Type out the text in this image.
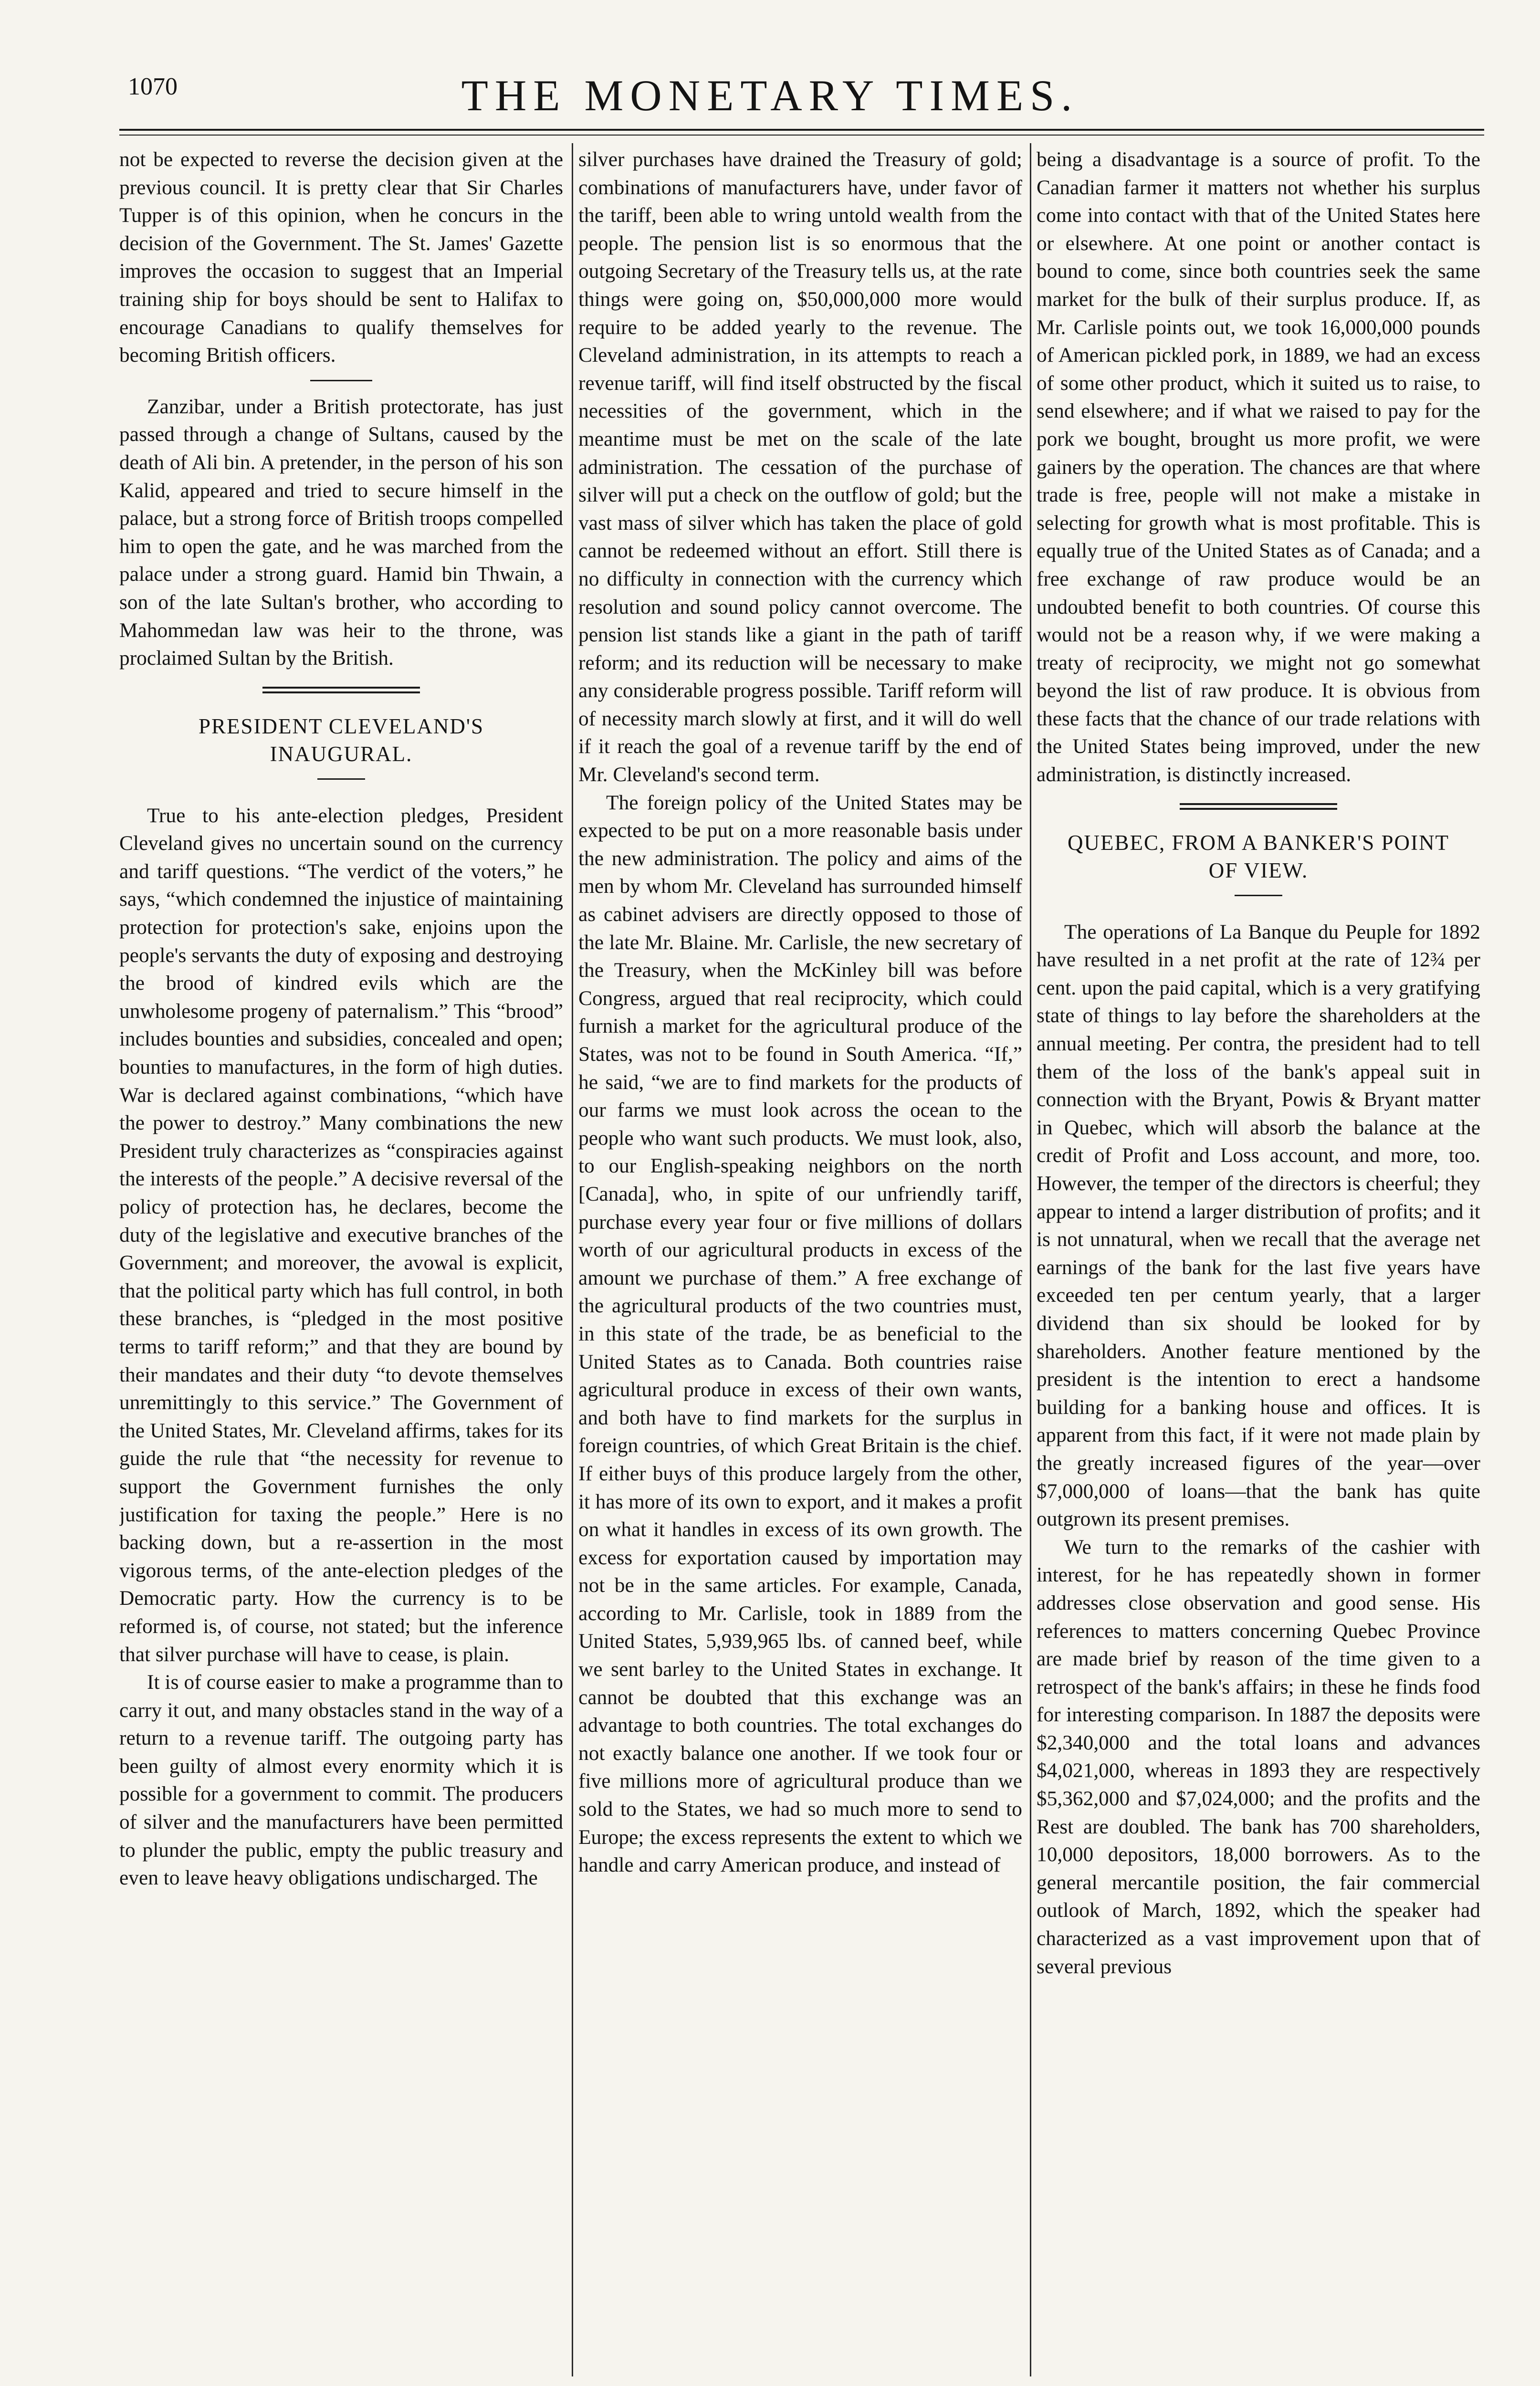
1070	THE MONETARY TIMES.

not be expected to reverse the decision given at the previous council. It is pretty clear that Sir Charles Tupper is of this opinion, when he concurs in the decision of the Government. The St. James' Gazette improves the occasion to suggest that an Imperial training ship for boys should be sent to Halifax to encourage Canadians to qualify themselves for becoming British officers.

Zanzibar, under a British protectorate, has just passed through a change of Sultans, caused by the death of Ali bin. A pretender, in the person of his son Kalid, appeared and tried to secure himself in the palace, but a strong force of British troops compelled him to open the gate, and he was marched from the palace under a strong guard. Hamid bin Thwain, a son of the late Sultan's brother, who according to Mahommedan law was heir to the throne, was proclaimed Sultan by the British.

PRESIDENT CLEVELAND'S
INAUGURAL.

True to his ante-election pledges, President Cleveland gives no uncertain sound on the currency and tariff questions. “The verdict of the voters,” he says, “which condemned the injustice of maintaining protection for protection's sake, enjoins upon the people's servants the duty of exposing and destroying the brood of kindred evils which are the unwholesome progeny of paternalism.” This “brood” includes bounties and subsidies, concealed and open; bounties to manufactures, in the form of high duties. War is declared against combinations, “which have the power to destroy.” Many combinations the new President truly characterizes as “conspiracies against the interests of the people.” A decisive reversal of the policy of protection has, he declares, become the duty of the legislative and executive branches of the Government; and moreover, the avowal is explicit, that the political party which has full control, in both these branches, is “pledged in the most positive terms to tariff reform;” and that they are bound by their mandates and their duty “to devote themselves unremittingly to this service.” The Government of the United States, Mr. Cleveland affirms, takes for its guide the rule that “the necessity for revenue to support the Government furnishes the only justification for taxing the people.” Here is no backing down, but a re-assertion in the most vigorous terms, of the ante-election pledges of the Democratic party. How the currency is to be reformed is, of course, not stated; but the inference that silver purchase will have to cease, is plain.

It is of course easier to make a programme than to carry it out, and many obstacles stand in the way of a return to a revenue tariff. The outgoing party has been guilty of almost every enormity which it is possible for a government to commit. The producers of silver and the manufacturers have been permitted to plunder the public, empty the public treasury and even to leave heavy obligations undischarged. The

silver purchases have drained the Treasury of gold; combinations of manufacturers have, under favor of the tariff, been able to wring untold wealth from the people. The pension list is so enormous that the outgoing Secretary of the Treasury tells us, at the rate things were going on, $50,000,000 more would require to be added yearly to the revenue. The Cleveland administration, in its attempts to reach a revenue tariff, will find itself obstructed by the fiscal necessities of the government, which in the meantime must be met on the scale of the late administration. The cessation of the purchase of silver will put a check on the outflow of gold; but the vast mass of silver which has taken the place of gold cannot be redeemed without an effort. Still there is no difficulty in connection with the currency which resolution and sound policy cannot overcome. The pension list stands like a giant in the path of tariff reform; and its reduction will be necessary to make any considerable progress possible. Tariff reform will of necessity march slowly at first, and it will do well if it reach the goal of a revenue tariff by the end of Mr. Cleveland's second term.

The foreign policy of the United States may be expected to be put on a more reasonable basis under the new administration. The policy and aims of the men by whom Mr. Cleveland has surrounded himself as cabinet advisers are directly opposed to those of the late Mr. Blaine. Mr. Carlisle, the new secretary of the Treasury, when the McKinley bill was before Congress, argued that real reciprocity, which could furnish a market for the agricultural produce of the States, was not to be found in South America. “If,” he said, “we are to find markets for the products of our farms we must look across the ocean to the people who want such products. We must look, also, to our English-speaking neighbors on the north [Canada], who, in spite of our unfriendly tariff, purchase every year four or five millions of dollars worth of our agricultural products in excess of the amount we purchase of them.” A free exchange of the agricultural products of the two countries must, in this state of the trade, be as beneficial to the United States as to Canada. Both countries raise agricultural produce in excess of their own wants, and both have to find markets for the surplus in foreign countries, of which Great Britain is the chief. If either buys of this produce largely from the other, it has more of its own to export, and it makes a profit on what it handles in excess of its own growth. The excess for exportation caused by importation may not be in the same articles. For example, Canada, according to Mr. Carlisle, took in 1889 from the United States, 5,939,965 lbs. of canned beef, while we sent barley to the United States in exchange. It cannot be doubted that this exchange was an advantage to both countries. The total exchanges do not exactly balance one another. If we took four or five millions more of agricultural produce than we sold to the States, we had so much more to send to Europe; the excess represents the extent to which we handle and carry American produce, and instead of

being a disadvantage is a source of profit. To the Canadian farmer it matters not whether his surplus come into contact with that of the United States here or elsewhere. At one point or another contact is bound to come, since both countries seek the same market for the bulk of their surplus produce. If, as Mr. Carlisle points out, we took 16,000,000 pounds of American pickled pork, in 1889, we had an excess of some other product, which it suited us to raise, to send elsewhere; and if what we raised to pay for the pork we bought, brought us more profit, we were gainers by the operation. The chances are that where trade is free, people will not make a mistake in selecting for growth what is most profitable. This is equally true of the United States as of Canada; and a free exchange of raw produce would be an undoubted benefit to both countries. Of course this would not be a reason why, if we were making a treaty of reciprocity, we might not go somewhat beyond the list of raw produce. It is obvious from these facts that the chance of our trade relations with the United States being improved, under the new administration, is distinctly increased.

QUEBEC, FROM A BANKER'S POINT
OF VIEW.

The operations of La Banque du Peuple for 1892 have resulted in a net profit at the rate of 12¾ per cent. upon the paid capital, which is a very gratifying state of things to lay before the shareholders at the annual meeting. Per contra, the president had to tell them of the loss of the bank's appeal suit in connection with the Bryant, Powis & Bryant matter in Quebec, which will absorb the balance at the credit of Profit and Loss account, and more, too. However, the temper of the directors is cheerful; they appear to intend a larger distribution of profits; and it is not unnatural, when we recall that the average net earnings of the bank for the last five years have exceeded ten per centum yearly, that a larger dividend than six should be looked for by shareholders. Another feature mentioned by the president is the intention to erect a handsome building for a banking house and offices. It is apparent from this fact, if it were not made plain by the greatly increased figures of the year—over $7,000,000 of loans—that the bank has quite outgrown its present premises.

We turn to the remarks of the cashier with interest, for he has repeatedly shown in former addresses close observation and good sense. His references to matters concerning Quebec Province are made brief by reason of the time given to a retrospect of the bank's affairs; in these he finds food for interesting comparison. In 1887 the deposits were $2,340,000 and the total loans and advances $4,021,000, whereas in 1893 they are respectively $5,362,000 and $7,024,000; and the profits and the Rest are doubled. The bank has 700 shareholders, 10,000 depositors, 18,000 borrowers. As to the general mercantile position, the fair commercial outlook of March, 1892, which the speaker had characterized as a vast improvement upon that of several previous
